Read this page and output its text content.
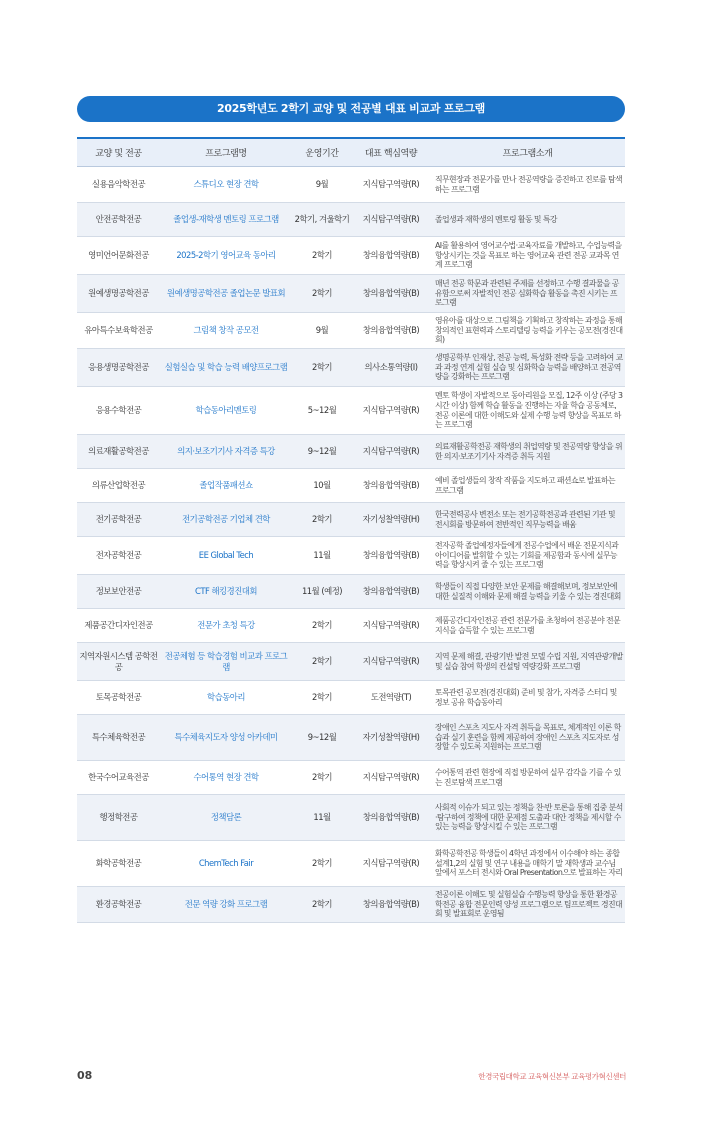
2025학년도 2학기 교양 및 전공별 대표 비교과 프로그램
교양 및 전공	프로그램명	운영기간	대표 핵심역량	프로그램소개
실용음악학전공	스튜디오 현장 견학	9월	지식탐구역량(R)	직무현장과 전문가를 만나 전공역량을 증진하고 진로를 탐색하는 프로그램
안전공학전공	졸업생-재학생 멘토링 프로그램	2학기, 겨울학기	지식탐구역량(R)	졸업생과 재학생의 멘토링 활동 및 특강
영미언어문화전공	2025-2학기 영어교육 동아리	2학기	창의융합역량(B)	AI를 활용하여 영어교수법·교육자료를 개발하고, 수업능력을 향상시키는 것을 목표로 하는 영어교육 관련 전공 교과목 연계 프로그램
원예생명공학전공	원예생명공학전공 졸업논문 발표회	2학기	창의융합역량(B)	매년 전공 학문과 관련된 주제를 선정하고 수행 결과물을 공유함으로써 자발적인 전공 심화학습 활동을 촉진 시키는 프로그램
유아특수보육학전공	그림책 창작 공모전	9월	창의융합역량(B)	영유아를 대상으로 그림책을 기획하고 창작하는 과정을 통해 창의적인 표현력과 스토리텔링 능력을 키우는 공모전(경진대회)
응용생명공학전공	실험실습 및 학습 능력 배양프로그램	2학기	의사소통역량(I)	생명공학부 인재상, 전공 능력, 특성화 전략 등을 고려하여 교과 과정 연계 실험 실습 및 심화학습 능력을 배양하고 전공역량을 강화하는 프로그램
응용수학전공	학습동아리멘토링	5~12월	지식탐구역량(R)	멘토 학생이 자발적으로 동아리원을 모집, 12주 이상 (주당 3시간 이상) 함께 학습 활동을 진행하는 자율 학습 공동체로, 전공 이론에 대한 이해도와 실제 수행 능력 향상을 목표로 하는 프로그램
의료재활공학전공	의지·보조기기사 자격증 특강	9~12월	지식탐구역량(R)	의료재활공학전공 재학생의 취업역량 및 전공역량 향상을 위한 의지·보조기기사 자격증 취득 지원
의류산업학전공	졸업작품패션쇼	10월	창의융합역량(B)	예비 졸업생들의 창작 작품을 지도하고 패션쇼로 발표하는 프로그램
전기공학전공	전기공학전공 기업체 견학	2학기	자기성찰역량(H)	한국전력공사 변전소 또는 전기공학전공과 관련된 기관 및 전시회를 방문하여 전반적인 직무능력을 배움
전자공학전공	EE Global Tech	11월	창의융합역량(B)	전자공학 졸업예정자들에게 전공수업에서 배운 전문지식과 아이디어를 발휘할 수 있는 기회를 제공함과 동시에 실무능력을 향상시켜 줄 수 있는 프로그램
정보보안전공	CTF 해킹경진대회	11월 (예정)	창의융합역량(B)	학생들이 직접 다양한 보안 문제를 해결해보며, 정보보안에 대한 실질적 이해와 문제 해결 능력을 키울 수 있는 경진대회
제품공간디자인전공	전문가 초청 특강	2학기	지식탐구역량(R)	제품공간디자인전공 관련 전문가를 초청하여 전공분야 전문 지식을 습득할 수 있는 프로그램
지역자원시스템 공학전공	전공체험 등 학습경험 비교과 프로그램	2학기	지식탐구역량(R)	지역 문제 해결, 관광기반 발전 모델 수립 지원, 지역관광개발 및 실습 참여 학생의 컨설팅 역량강화 프로그램
토목공학전공	학습동아리	2학기	도전역량(T)	토목관련 공모전(경진대회) 준비 및 참가, 자격증 스터디 및 정보 공유 학습동아리
특수체육학전공	특수체육지도자 양성 아카데미	9~12월	자기성찰역량(H)	장애인 스포츠 지도사 자격 취득을 목표로, 체계적인 이론 학습과 실기 훈련을 함께 제공하여 장애인 스포츠 지도자로 성장할 수 있도록 지원하는 프로그램
한국수어교육전공	수어통역 현장 견학	2학기	지식탐구역량(R)	수어통역 관련 현장에 직접 방문하여 실무 감각을 기를 수 있는 진로탐색 프로그램
행정학전공	정책담론	11월	창의융합역량(B)	사회적 이슈가 되고 있는 정책을 찬·반 토론을 통해 집중 분석·탐구하여 정책에 대한 문제점 도출과 대안 정책을 제시할 수 있는 능력을 향상시킬 수 있는 프로그램
화학공학전공	ChemTech Fair	2학기	지식탐구역량(R)	화학공학전공 학생들이 4학년 과정에서 이수해야 하는 종합설계1,2의 실험 및 연구 내용을 매학기 말 재학생과 교수님 앞에서 포스터 전시와 Oral Presentation으로 발표하는 자리
환경공학전공	전문 역량 강화 프로그램	2학기	창의융합역량(B)	전공이론 이해도 및 실험실습 수행능력 향상을 통한 환경공학전공 융합 전문인력 양성 프로그램으로 팀프로젝트 경진대회 및 발표회로 운영됨
08	한경국립대학교 교육혁신본부 교육평가혁신센터
